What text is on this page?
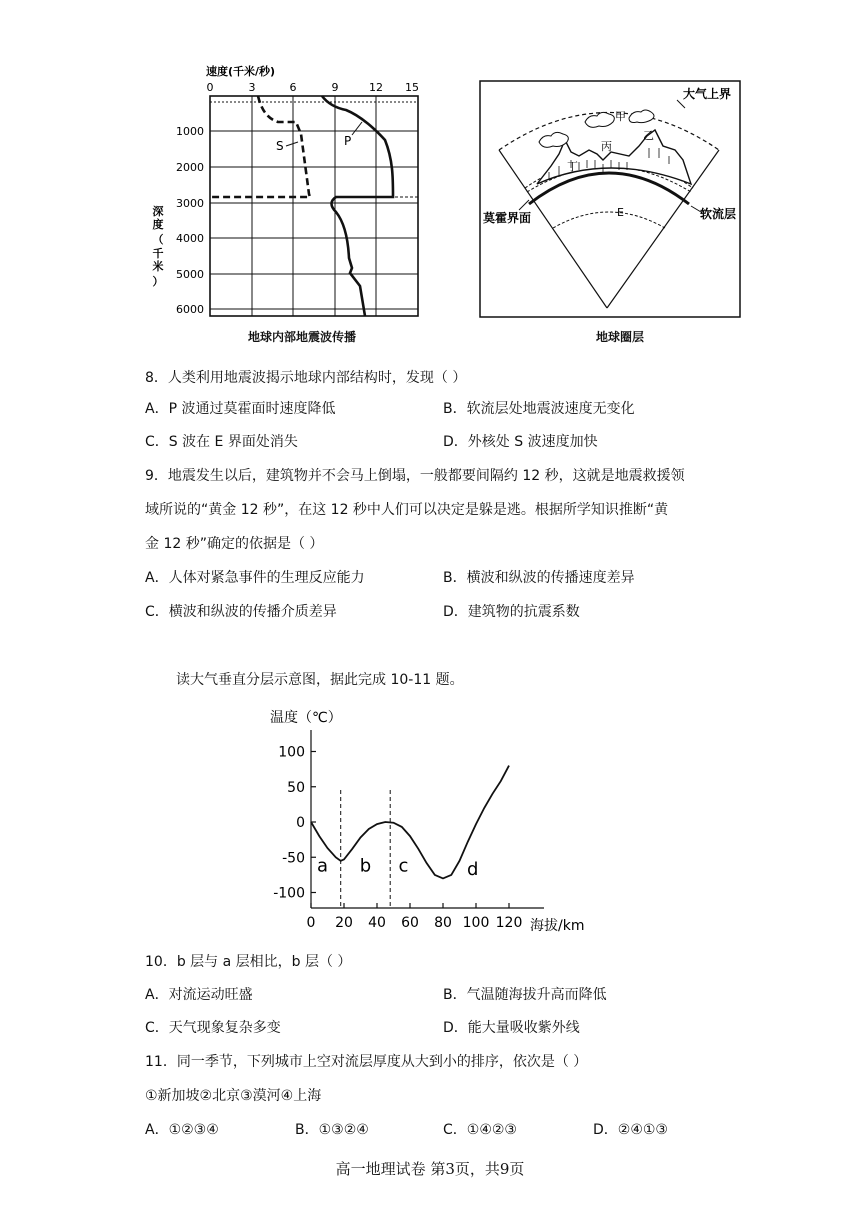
速度(千米/秒)
0	3	6	9	12 15
1000
2000
3000
4000
5000
6000
深
度
（
千
米
）
S	P
地球内部地震波传播
大气上界
甲
乙
丙
丁
莫霍界面	E	软流层
地球圈层
8．人类利用地震波揭示地球内部结构时，发现（ ）
A．P 波通过莫霍面时速度降低	B．软流层处地震波速度无变化
C．S 波在 E 界面处消失	D．外核处 S 波速度加快
9．地震发生以后，建筑物并不会马上倒塌，一般都要间隔约 12 秒，这就是地震救援领
域所说的“黄金 12 秒”，在这 12 秒中人们可以决定是躲是逃。根据所学知识推断“黄
金 12 秒”确定的依据是（ ）
A．人体对紧急事件的生理反应能力	B．横波和纵波的传播速度差异
C．横波和纵波的传播介质差异	D．建筑物的抗震系数
读大气垂直分层示意图，据此完成 10-11 题。
温度（℃）
海拔/km
100
50
0
-50
-100
0 20 40 60 80 100 120
a b c	d
10．b 层与 a 层相比，b 层（ ）
A．对流运动旺盛	B．气温随海拔升高而降低
C．天气现象复杂多变	D．能大量吸收紫外线
11．同一季节，下列城市上空对流层厚度从大到小的排序，依次是（ ）
①新加坡②北京③漠河④上海
A．①②③④	B．①③②④	C．①④②③	D．②④①③
高一地理试卷 第3页，共9页
